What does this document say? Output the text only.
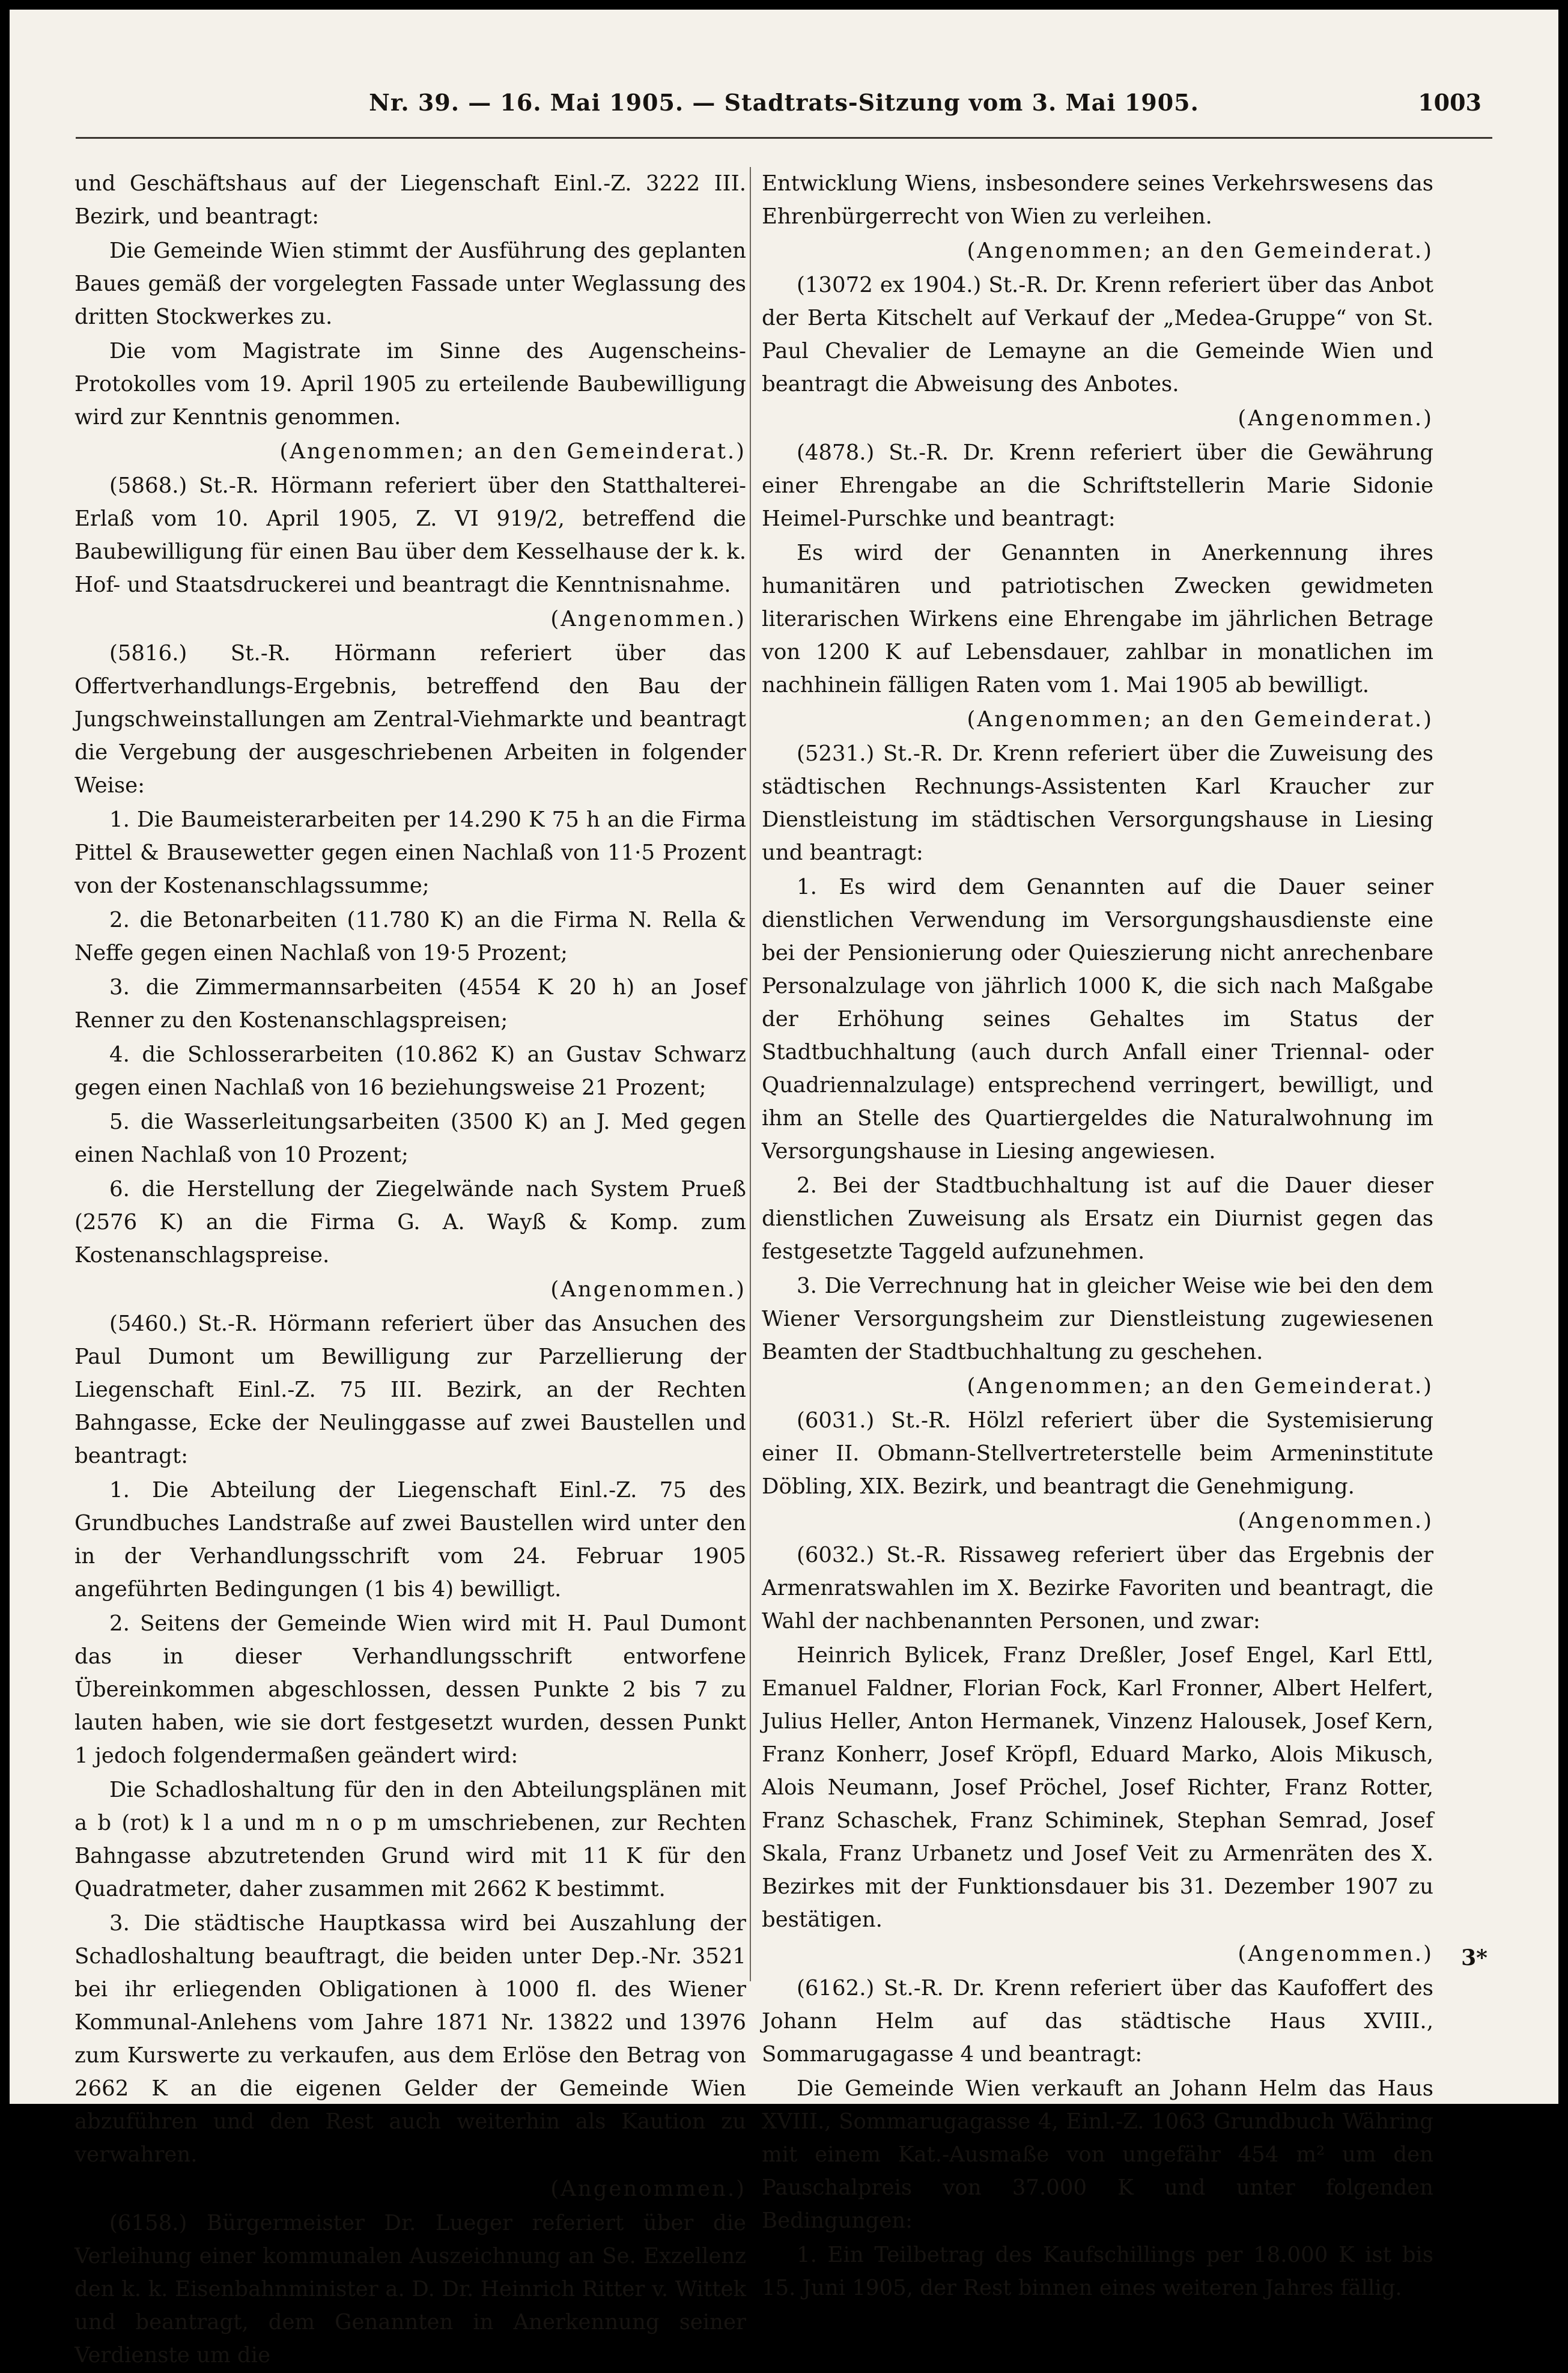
Nr. 39. — 16. Mai 1905. — Stadtrats-Sitzung vom 3. Mai 1905.	1003

und Geschäftshaus auf der Liegenschaft Einl.-Z. 3222 III. Bezirk, und beantragt:

Die Gemeinde Wien stimmt der Ausführung des geplanten Baues gemäß der vorgelegten Fassade unter Weglassung des dritten Stockwerkes zu.

Die vom Magistrate im Sinne des Augenscheins-Protokolles vom 19. April 1905 zu erteilende Baubewilligung wird zur Kenntnis genommen.

(Angenommen; an den Gemeinderat.)

(5868.) St.-R. Hörmann referiert über den Statthalterei-Erlaß vom 10. April 1905, Z. VI 919/2, betreffend die Baubewilligung für einen Bau über dem Kesselhause der k. k. Hof- und Staatsdruckerei und beantragt die Kenntnisnahme.

(Angenommen.)

(5816.) St.-R. Hörmann referiert über das Offertverhandlungs-Ergebnis, betreffend den Bau der Jungschweinstallungen am Zentral-Viehmarkte und beantragt die Vergebung der ausgeschriebenen Arbeiten in folgender Weise:

1. Die Baumeisterarbeiten per 14.290 K 75 h an die Firma Pittel & Brausewetter gegen einen Nachlaß von 11·5 Prozent von der Kostenanschlagssumme;

2. die Betonarbeiten (11.780 K) an die Firma N. Rella & Neffe gegen einen Nachlaß von 19·5 Prozent;

3. die Zimmermannsarbeiten (4554 K 20 h) an Josef Renner zu den Kostenanschlagspreisen;

4. die Schlosserarbeiten (10.862 K) an Gustav Schwarz gegen einen Nachlaß von 16 beziehungsweise 21 Prozent;

5. die Wasserleitungsarbeiten (3500 K) an J. Med gegen einen Nachlaß von 10 Prozent;

6. die Herstellung der Ziegelwände nach System Prueß (2576 K) an die Firma G. A. Wayß & Komp. zum Kostenanschlagspreise.

(Angenommen.)

(5460.) St.-R. Hörmann referiert über das Ansuchen des Paul Dumont um Bewilligung zur Parzellierung der Liegenschaft Einl.-Z. 75 III. Bezirk, an der Rechten Bahngasse, Ecke der Neulinggasse auf zwei Baustellen und beantragt:

1. Die Abteilung der Liegenschaft Einl.-Z. 75 des Grundbuches Landstraße auf zwei Baustellen wird unter den in der Verhandlungsschrift vom 24. Februar 1905 angeführten Bedingungen (1 bis 4) bewilligt.

2. Seitens der Gemeinde Wien wird mit H. Paul Dumont das in dieser Verhandlungsschrift entworfene Übereinkommen abgeschlossen, dessen Punkte 2 bis 7 zu lauten haben, wie sie dort festgesetzt wurden, dessen Punkt 1 jedoch folgendermaßen geändert wird:

Die Schadloshaltung für den in den Abteilungsplänen mit a b (rot) k l a und m n o p m umschriebenen, zur Rechten Bahngasse abzutretenden Grund wird mit 11 K für den Quadratmeter, daher zusammen mit 2662 K bestimmt.

3. Die städtische Hauptkassa wird bei Auszahlung der Schadloshaltung beauftragt, die beiden unter Dep.-Nr. 3521 bei ihr erliegenden Obligationen à 1000 fl. des Wiener Kommunal-Anlehens vom Jahre 1871 Nr. 13822 und 13976 zum Kurswerte zu verkaufen, aus dem Erlöse den Betrag von 2662 K an die eigenen Gelder der Gemeinde Wien abzuführen und den Rest auch weiterhin als Kaution zu verwahren.

(Angenommen.)

(6158.) Bürgermeister Dr. Lueger referiert über die Verleihung einer kommunalen Auszeichnung an Se. Exzellenz den k. k. Eisenbahnminister a. D. Dr. Heinrich Ritter v. Wittek und beantragt, dem Genannten in Anerkennung seiner Verdienste um die

Entwicklung Wiens, insbesondere seines Verkehrswesens das Ehrenbürgerrecht von Wien zu verleihen.

(Angenommen; an den Gemeinderat.)

(13072 ex 1904.) St.-R. Dr. Krenn referiert über das Anbot der Berta Kitschelt auf Verkauf der „Medea-Gruppe“ von St. Paul Chevalier de Lemayne an die Gemeinde Wien und beantragt die Abweisung des Anbotes.

(Angenommen.)

(4878.) St.-R. Dr. Krenn referiert über die Gewährung einer Ehrengabe an die Schriftstellerin Marie Sidonie Heimel-Purschke und beantragt:

Es wird der Genannten in Anerkennung ihres humanitären und patriotischen Zwecken gewidmeten literarischen Wirkens eine Ehrengabe im jährlichen Betrage von 1200 K auf Lebensdauer, zahlbar in monatlichen im nachhinein fälligen Raten vom 1. Mai 1905 ab bewilligt.

(Angenommen; an den Gemeinderat.)

(5231.) St.-R. Dr. Krenn referiert über die Zuweisung des städtischen Rechnungs-Assistenten Karl Kraucher zur Dienstleistung im städtischen Versorgungshause in Liesing und beantragt:

1. Es wird dem Genannten auf die Dauer seiner dienstlichen Verwendung im Versorgungshausdienste eine bei der Pensionierung oder Quieszierung nicht anrechenbare Personalzulage von jährlich 1000 K, die sich nach Maßgabe der Erhöhung seines Gehaltes im Status der Stadtbuchhaltung (auch durch Anfall einer Triennal- oder Quadriennalzulage) entsprechend verringert, bewilligt, und ihm an Stelle des Quartiergeldes die Naturalwohnung im Versorgungshause in Liesing angewiesen.

2. Bei der Stadtbuchhaltung ist auf die Dauer dieser dienstlichen Zuweisung als Ersatz ein Diurnist gegen das festgesetzte Taggeld aufzunehmen.

3. Die Verrechnung hat in gleicher Weise wie bei den dem Wiener Versorgungsheim zur Dienstleistung zugewiesenen Beamten der Stadtbuchhaltung zu geschehen.

(Angenommen; an den Gemeinderat.)

(6031.) St.-R. Hölzl referiert über die Systemisierung einer II. Obmann-Stellvertreterstelle beim Armeninstitute Döbling, XIX. Bezirk, und beantragt die Genehmigung.

(Angenommen.)

(6032.) St.-R. Rissaweg referiert über das Ergebnis der Armenratswahlen im X. Bezirke Favoriten und beantragt, die Wahl der nachbenannten Personen, und zwar:

Heinrich Bylicek, Franz Dreßler, Josef Engel, Karl Ettl, Emanuel Faldner, Florian Fock, Karl Fronner, Albert Helfert, Julius Heller, Anton Hermanek, Vinzenz Halousek, Josef Kern, Franz Konherr, Josef Kröpfl, Eduard Marko, Alois Mikusch, Alois Neumann, Josef Pröchel, Josef Richter, Franz Rotter, Franz Schaschek, Franz Schiminek, Stephan Semrad, Josef Skala, Franz Urbanetz und Josef Veit zu Armenräten des X. Bezirkes mit der Funktionsdauer bis 31. Dezember 1907 zu bestätigen.

(Angenommen.)

(6162.) St.-R. Dr. Krenn referiert über das Kaufoffert des Johann Helm auf das städtische Haus XVIII., Sommarugagasse 4 und beantragt:

Die Gemeinde Wien verkauft an Johann Helm das Haus XVIII., Sommarugagasse 4, Einl.-Z. 1063 Grundbuch Währing mit einem Kat.-Ausmaße von ungefähr 454 m² um den Pauschalpreis von 37.000 K und unter folgenden Bedingungen:

1. Ein Teilbetrag des Kaufschillings per 18.000 K ist bis 15. Juni 1905, der Rest binnen eines weiteren Jahres fällig.

3*
